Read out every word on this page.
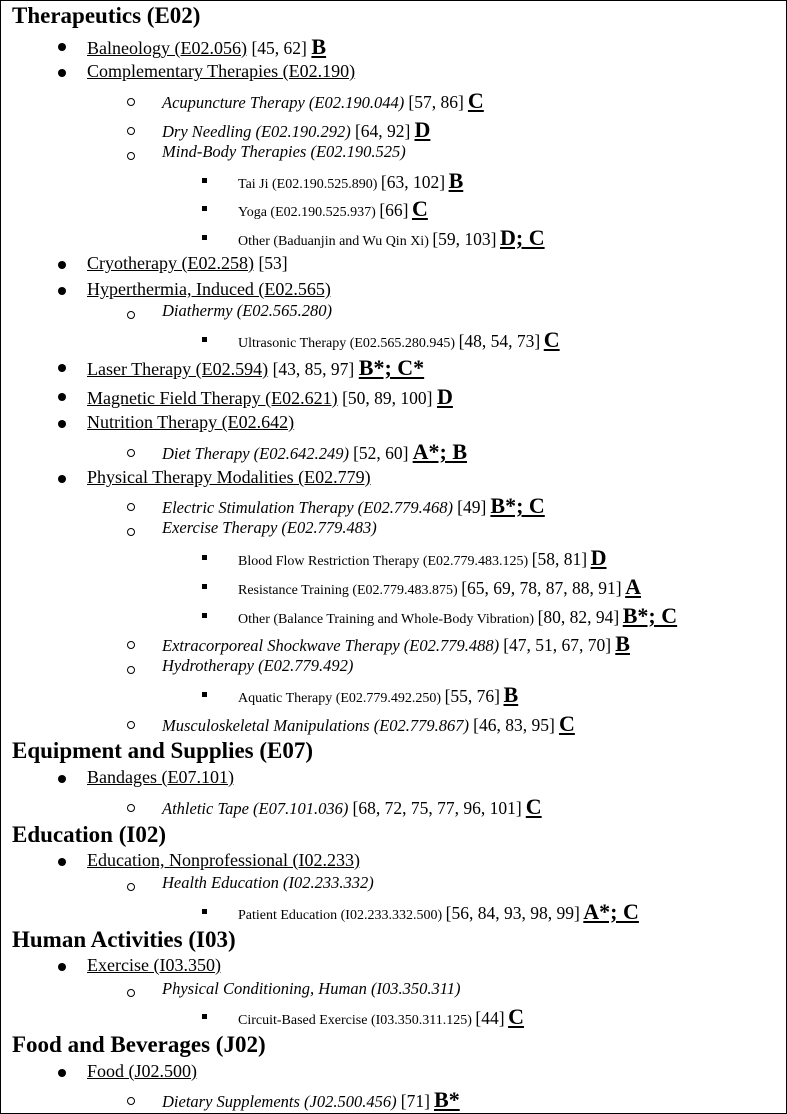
Therapeutics (E02)
Balneology (E02.056) [45, 62] B
Complementary Therapies (E02.190)
Acupuncture Therapy (E02.190.044) [57, 86] C
Dry Needling (E02.190.292) [64, 92] D
Mind-Body Therapies (E02.190.525)
Tai Ji (E02.190.525.890) [63, 102] B
Yoga (E02.190.525.937) [66] C
Other (Baduanjin and Wu Qin Xi) [59, 103] D; C
Cryotherapy (E02.258) [53]
Hyperthermia, Induced (E02.565)
Diathermy (E02.565.280)
Ultrasonic Therapy (E02.565.280.945) [48, 54, 73] C
Laser Therapy (E02.594) [43, 85, 97] B*; C*
Magnetic Field Therapy (E02.621) [50, 89, 100] D
Nutrition Therapy (E02.642)
Diet Therapy (E02.642.249) [52, 60] A*; B
Physical Therapy Modalities (E02.779)
Electric Stimulation Therapy (E02.779.468) [49] B*; C
Exercise Therapy (E02.779.483)
Blood Flow Restriction Therapy (E02.779.483.125) [58, 81] D
Resistance Training (E02.779.483.875) [65, 69, 78, 87, 88, 91] A
Other (Balance Training and Whole-Body Vibration) [80, 82, 94] B*; C
Extracorporeal Shockwave Therapy (E02.779.488) [47, 51, 67, 70] B
Hydrotherapy (E02.779.492)
Aquatic Therapy (E02.779.492.250) [55, 76] B
Musculoskeletal Manipulations (E02.779.867) [46, 83, 95] C
Equipment and Supplies (E07)
Bandages (E07.101)
Athletic Tape (E07.101.036) [68, 72, 75, 77, 96, 101] C
Education (I02)
Education, Nonprofessional (I02.233)
Health Education (I02.233.332)
Patient Education (I02.233.332.500) [56, 84, 93, 98, 99] A*; C
Human Activities (I03)
Exercise (I03.350)
Physical Conditioning, Human (I03.350.311)
Circuit-Based Exercise (I03.350.311.125) [44] C
Food and Beverages (J02)
Food (J02.500)
Dietary Supplements (J02.500.456) [71] B*
